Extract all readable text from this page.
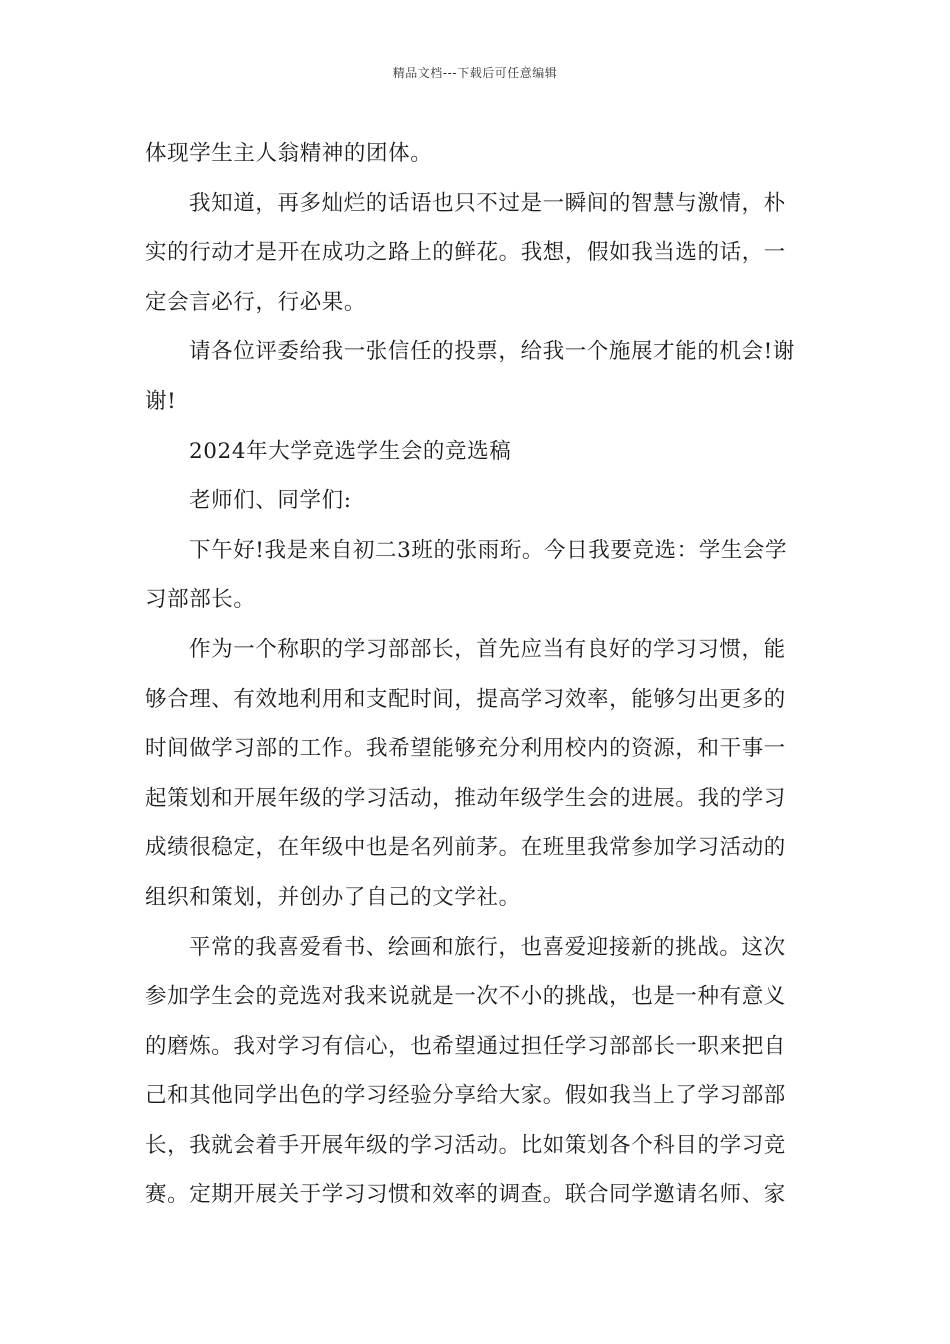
精品文档---下载后可任意编辑

体现学生主人翁精神的团体。

我知道，再多灿烂的话语也只不过是一瞬间的智慧与激情，朴
实的行动才是开在成功之路上的鲜花。我想，假如我当选的话，一
定会言必行，行必果。

请各位评委给我一张信任的投票，给我一个施展才能的机会!谢
谢!

2024年大学竞选学生会的竞选稿

老师们、同学们:

下午好!我是来自初二3班的张雨珩。今日我要竞选：学生会学
习部部长。

作为一个称职的学习部部长，首先应当有良好的学习习惯，能
够合理、有效地利用和支配时间，提高学习效率，能够匀出更多的
时间做学习部的工作。我希望能够充分利用校内的资源，和干事一
起策划和开展年级的学习活动，推动年级学生会的进展。我的学习
成绩很稳定，在年级中也是名列前茅。在班里我常参加学习活动的
组织和策划，并创办了自己的文学社。

平常的我喜爱看书、绘画和旅行，也喜爱迎接新的挑战。这次
参加学生会的竞选对我来说就是一次不小的挑战，也是一种有意义
的磨炼。我对学习有信心，也希望通过担任学习部部长一职来把自
己和其他同学出色的学习经验分享给大家。假如我当上了学习部部
长，我就会着手开展年级的学习活动。比如策划各个科目的学习竞
赛。定期开展关于学习习惯和效率的调查。联合同学邀请名师、家
